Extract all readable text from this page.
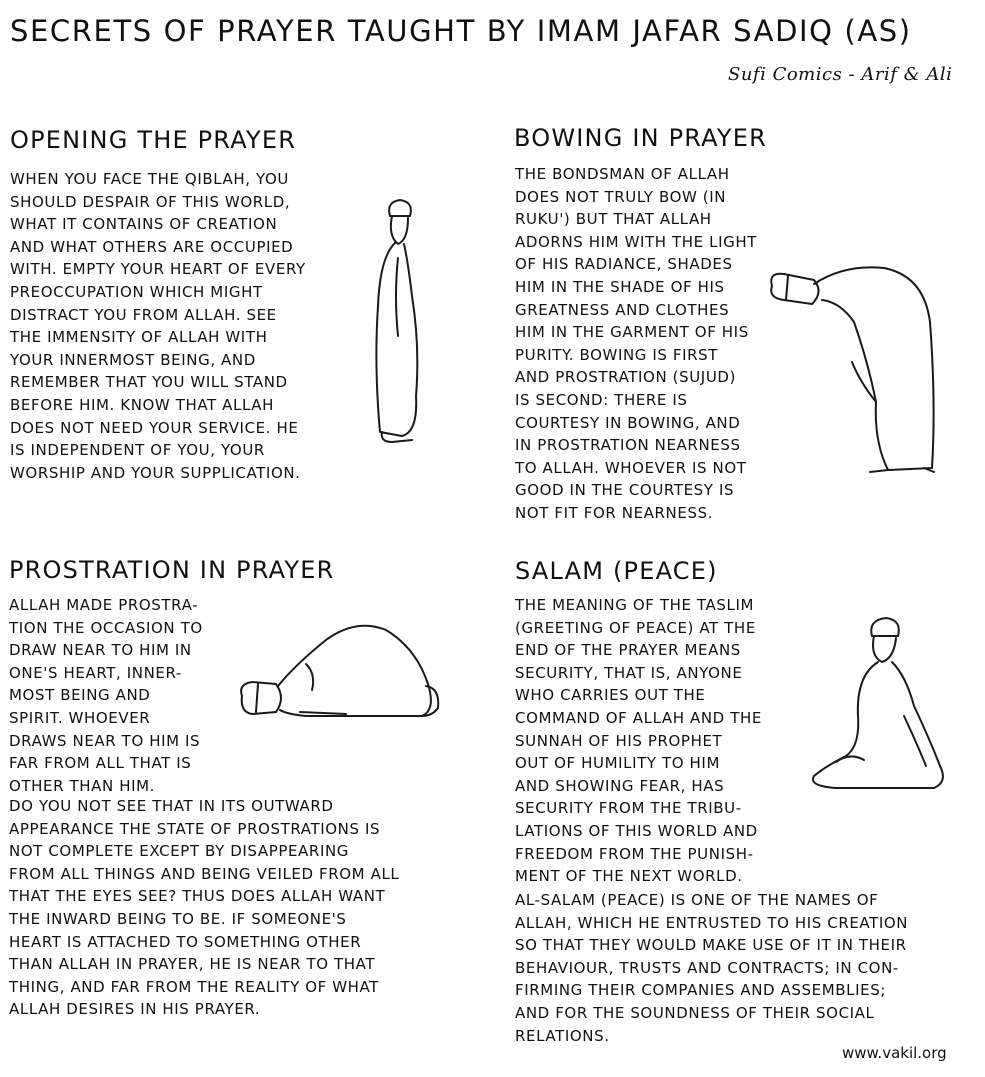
SECRETS OF PRAYER TAUGHT BY IMAM JAFAR SADIQ (AS)
Sufi Comics - Arif & Ali
OPENING THE PRAYER
WHEN YOU FACE THE QIBLAH, YOU
SHOULD DESPAIR OF THIS WORLD,
WHAT IT CONTAINS OF CREATION
AND WHAT OTHERS ARE OCCUPIED
WITH. EMPTY YOUR HEART OF EVERY
PREOCCUPATION WHICH MIGHT
DISTRACT YOU FROM ALLAH. SEE
THE IMMENSITY OF ALLAH WITH
YOUR INNERMOST BEING, AND
REMEMBER THAT YOU WILL STAND
BEFORE HIM. KNOW THAT ALLAH
DOES NOT NEED YOUR SERVICE. HE
IS INDEPENDENT OF YOU, YOUR
WORSHIP AND YOUR SUPPLICATION.
BOWING IN PRAYER
THE BONDSMAN OF ALLAH
DOES NOT TRULY BOW (IN
RUKU') BUT THAT ALLAH
ADORNS HIM WITH THE LIGHT
OF HIS RADIANCE, SHADES
HIM IN THE SHADE OF HIS
GREATNESS AND CLOTHES
HIM IN THE GARMENT OF HIS
PURITY. BOWING IS FIRST
AND PROSTRATION (SUJUD)
IS SECOND: THERE IS
COURTESY IN BOWING, AND
IN PROSTRATION NEARNESS
TO ALLAH. WHOEVER IS NOT
GOOD IN THE COURTESY IS
NOT FIT FOR NEARNESS.
PROSTRATION IN PRAYER
ALLAH MADE PROSTRA-
TION THE OCCASION TO
DRAW NEAR TO HIM IN
ONE'S HEART, INNER-
MOST BEING AND
SPIRIT. WHOEVER
DRAWS NEAR TO HIM IS
FAR FROM ALL THAT IS
OTHER THAN HIM.
DO YOU NOT SEE THAT IN ITS OUTWARD
APPEARANCE THE STATE OF PROSTRATIONS IS
NOT COMPLETE EXCEPT BY DISAPPEARING
FROM ALL THINGS AND BEING VEILED FROM ALL
THAT THE EYES SEE? THUS DOES ALLAH WANT
THE INWARD BEING TO BE. IF SOMEONE'S
HEART IS ATTACHED TO SOMETHING OTHER
THAN ALLAH IN PRAYER, HE IS NEAR TO THAT
THING, AND FAR FROM THE REALITY OF WHAT
ALLAH DESIRES IN HIS PRAYER.
SALAM (PEACE)
THE MEANING OF THE TASLIM
(GREETING OF PEACE) AT THE
END OF THE PRAYER MEANS
SECURITY, THAT IS, ANYONE
WHO CARRIES OUT THE
COMMAND OF ALLAH AND THE
SUNNAH OF HIS PROPHET
OUT OF HUMILITY TO HIM
AND SHOWING FEAR, HAS
SECURITY FROM THE TRIBU-
LATIONS OF THIS WORLD AND
FREEDOM FROM THE PUNISH-
MENT OF THE NEXT WORLD.
AL-SALAM (PEACE) IS ONE OF THE NAMES OF
ALLAH, WHICH HE ENTRUSTED TO HIS CREATION
SO THAT THEY WOULD MAKE USE OF IT IN THEIR
BEHAVIOUR, TRUSTS AND CONTRACTS; IN CON-
FIRMING THEIR COMPANIES AND ASSEMBLIES;
AND FOR THE SOUNDNESS OF THEIR SOCIAL
RELATIONS.
www.vakil.org
